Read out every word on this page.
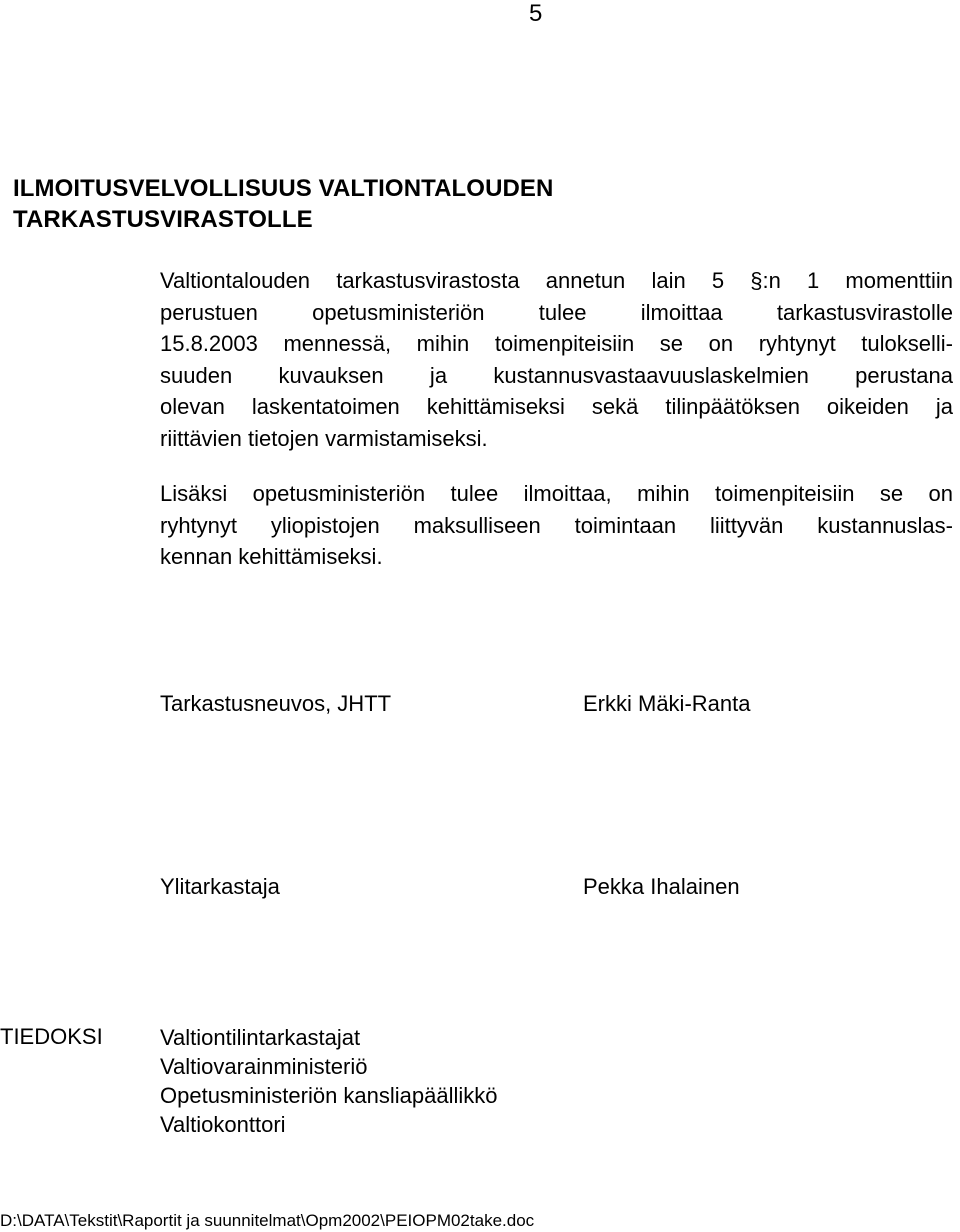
5
ILMOITUSVELVOLLISUUS VALTIONTALOUDEN
TARKASTUSVIRASTOLLE
Valtiontalouden tarkastusvirastosta annetun lain 5 §:n 1 momenttiin
perustuen opetusministeriön tulee ilmoittaa tarkastusvirastolle
15.8.2003 mennessä, mihin toimenpiteisiin se on ryhtynyt tulokselli-
suuden kuvauksen ja kustannusvastaavuuslaskelmien perustana
olevan laskentatoimen kehittämiseksi sekä tilinpäätöksen oikeiden ja
riittävien tietojen varmistamiseksi.
Lisäksi opetusministeriön tulee ilmoittaa, mihin toimenpiteisiin se on
ryhtynyt yliopistojen maksulliseen toimintaan liittyvän kustannuslas-
kennan kehittämiseksi.
Tarkastusneuvos, JHTT	Erkki Mäki-Ranta
Ylitarkastaja	Pekka Ihalainen
TIEDOKSI	Valtiontilintarkastajat
Valtiovarainministeriö
Opetusministeriön kansliapäällikkö
Valtiokonttori
D:\DATA\Tekstit\Raportit ja suunnitelmat\Opm2002\PEIOPM02take.doc
